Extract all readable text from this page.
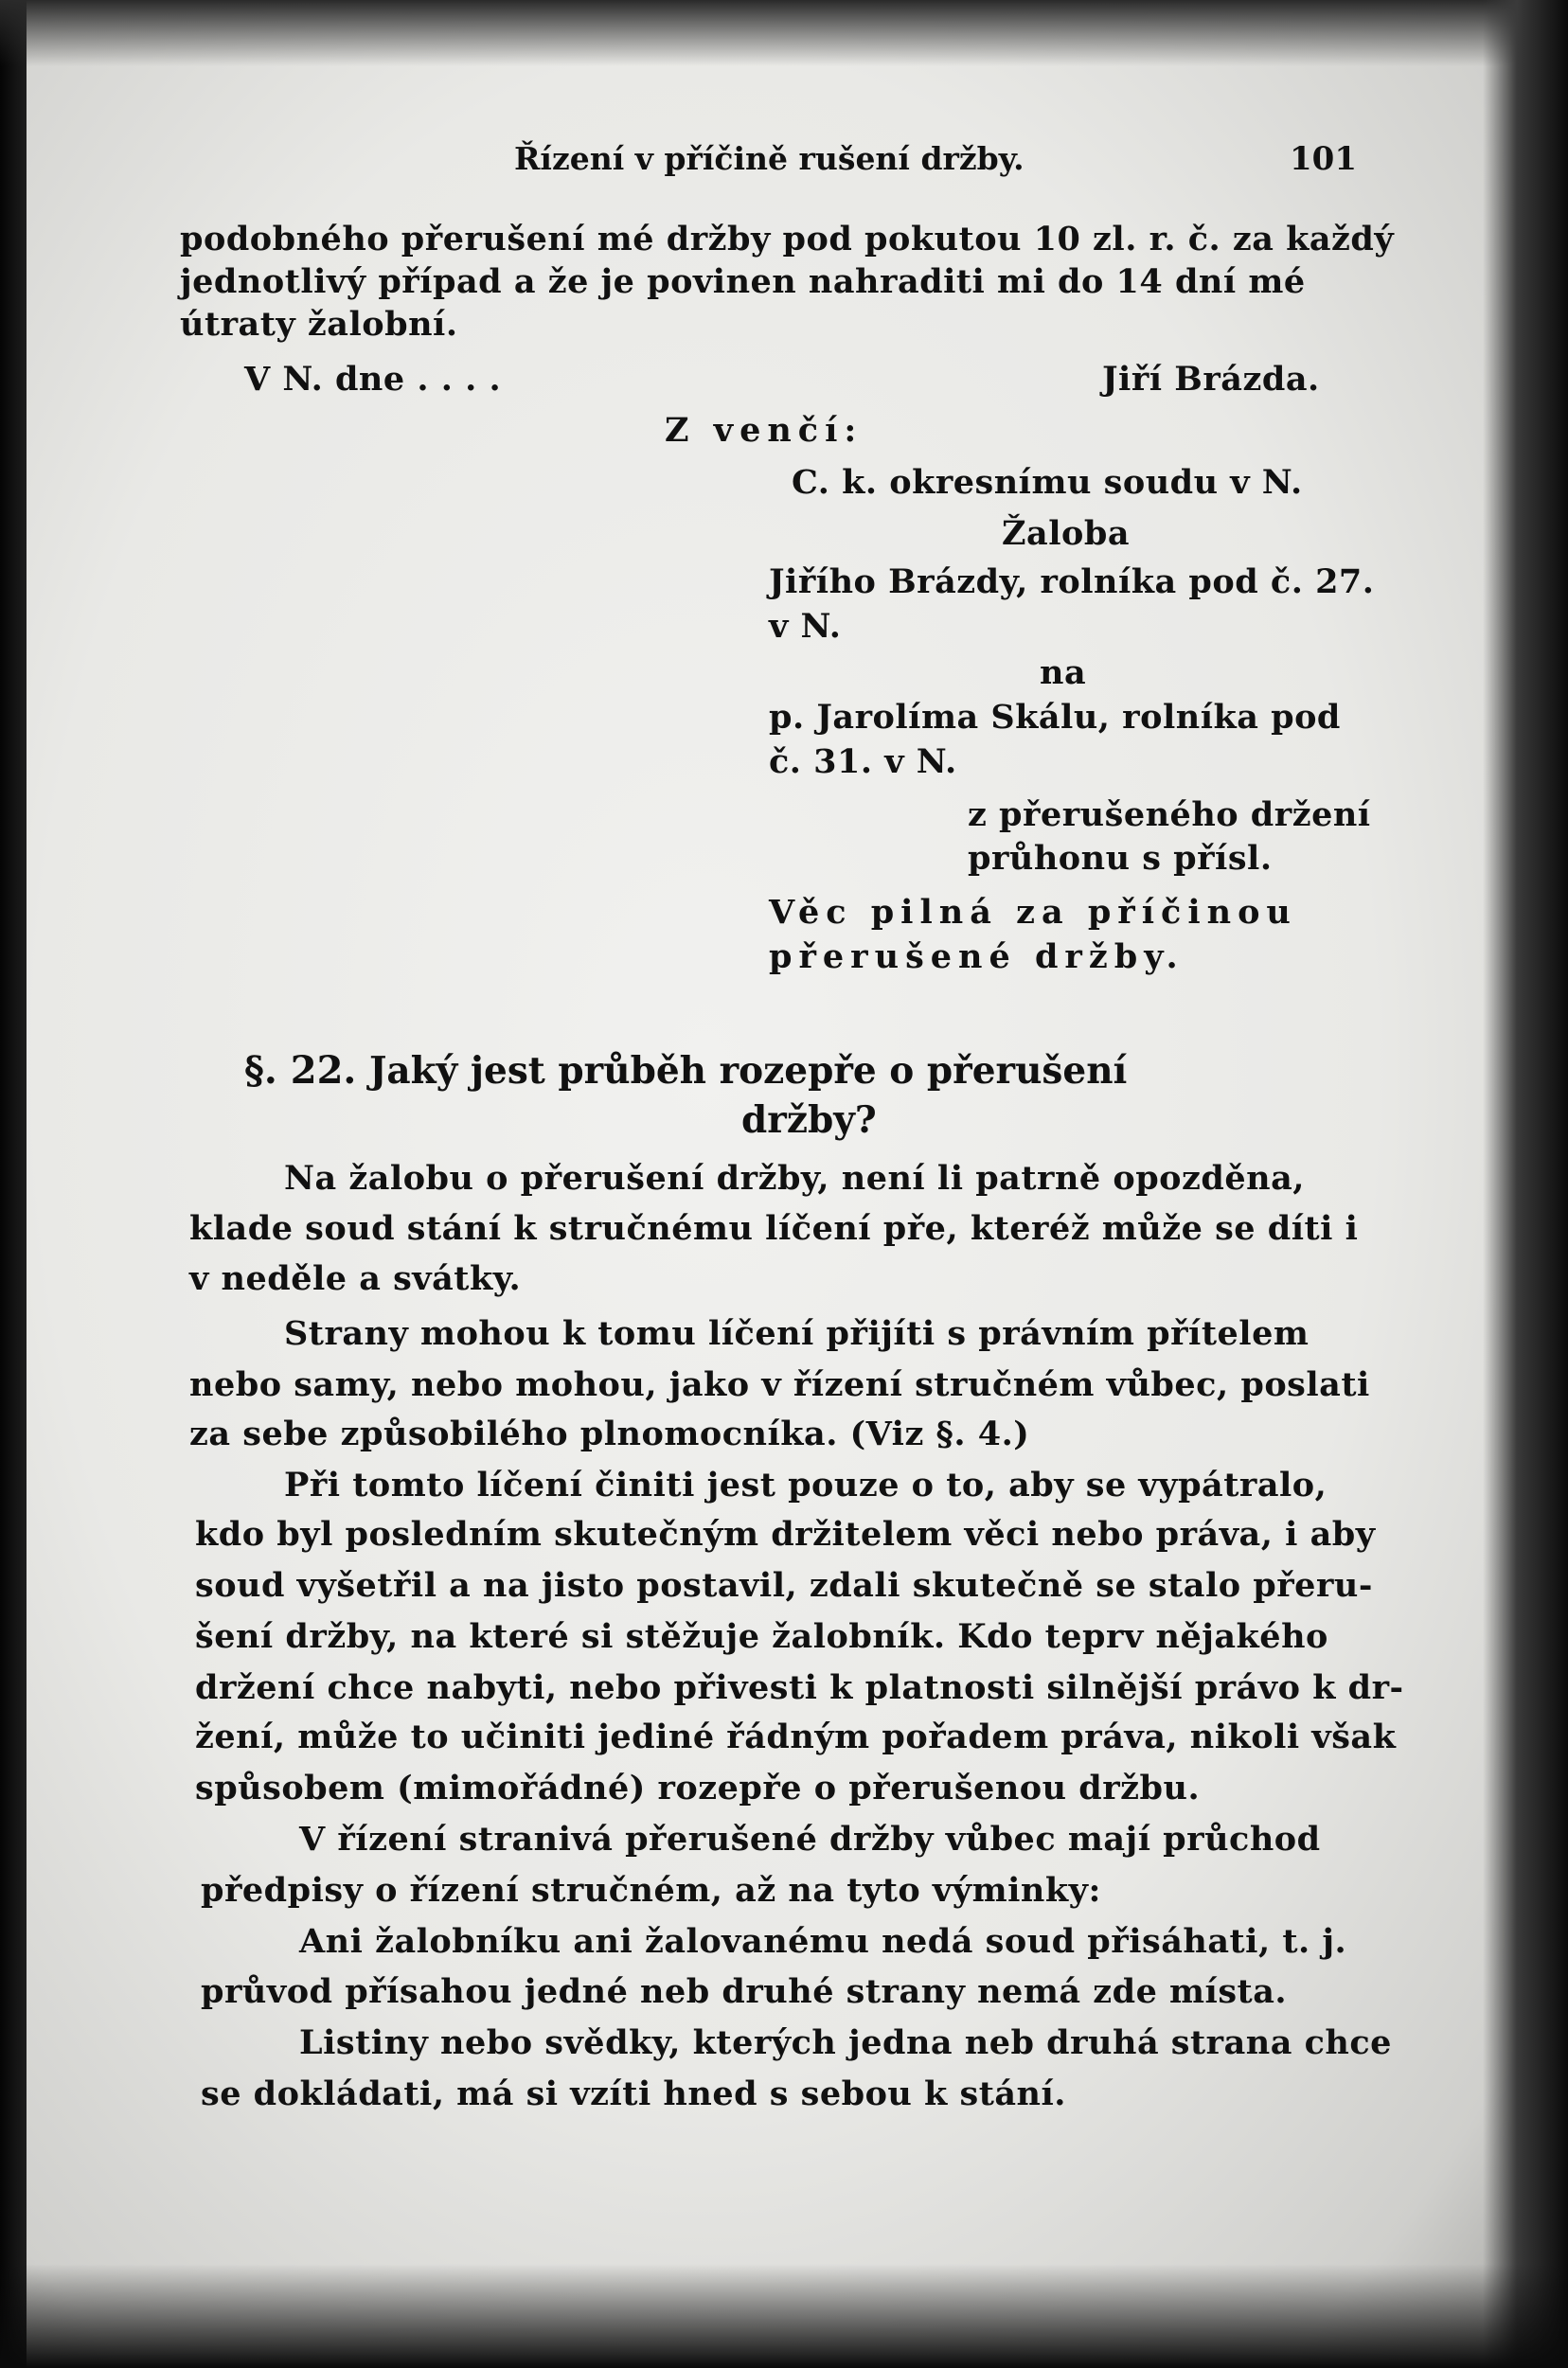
Řízení v příčině rušení držby.	101
podobného přerušení mé držby pod pokutou 10 zl. r. č. za každý
jednotlivý případ a že je povinen nahraditi mi do 14 dní mé
útraty žalobní.
V N. dne . . . .	Jiří Brázda.
Z venčí:
C. k. okresnímu soudu v N.
Žaloba
Jiřího Brázdy, rolníka pod č. 27.
v N.
na
p. Jarolíma Skálu, rolníka pod
č. 31. v N.
z přerušeného držení
průhonu s přísl.
Věc pilná za příčinou
přerušené držby.
§. 22. Jaký jest průběh rozepře o přerušení
držby?
Na žalobu o přerušení držby, není li patrně opozděna,
klade soud stání k stručnému líčení pře, kteréž může se díti i
v neděle a svátky.
Strany mohou k tomu líčení přijíti s právním přítelem
nebo samy, nebo mohou, jako v řízení stručném vůbec, poslati
za sebe způsobilého plnomocníka. (Viz §. 4.)
Při tomto líčení činiti jest pouze o to, aby se vypátralo,
kdo byl posledním skutečným držitelem věci nebo práva, i aby
soud vyšetřil a na jisto postavil, zdali skutečně se stalo přeru-
šení držby, na které si stěžuje žalobník. Kdo teprv nějakého
držení chce nabyti, nebo přivesti k platnosti silnější právo k dr-
žení, může to učiniti jediné řádným pořadem práva, nikoli však
spůsobem (mimořádné) rozepře o přerušenou držbu.
V řízení stranivá přerušené držby vůbec mají průchod
předpisy o řízení stručném, až na tyto výminky:
Ani žalobníku ani žalovanému nedá soud přisáhati, t. j.
průvod přísahou jedné neb druhé strany nemá zde místa.
Listiny nebo svědky, kterých jedna neb druhá strana chce
se dokládati, má si vzíti hned s sebou k stání.
